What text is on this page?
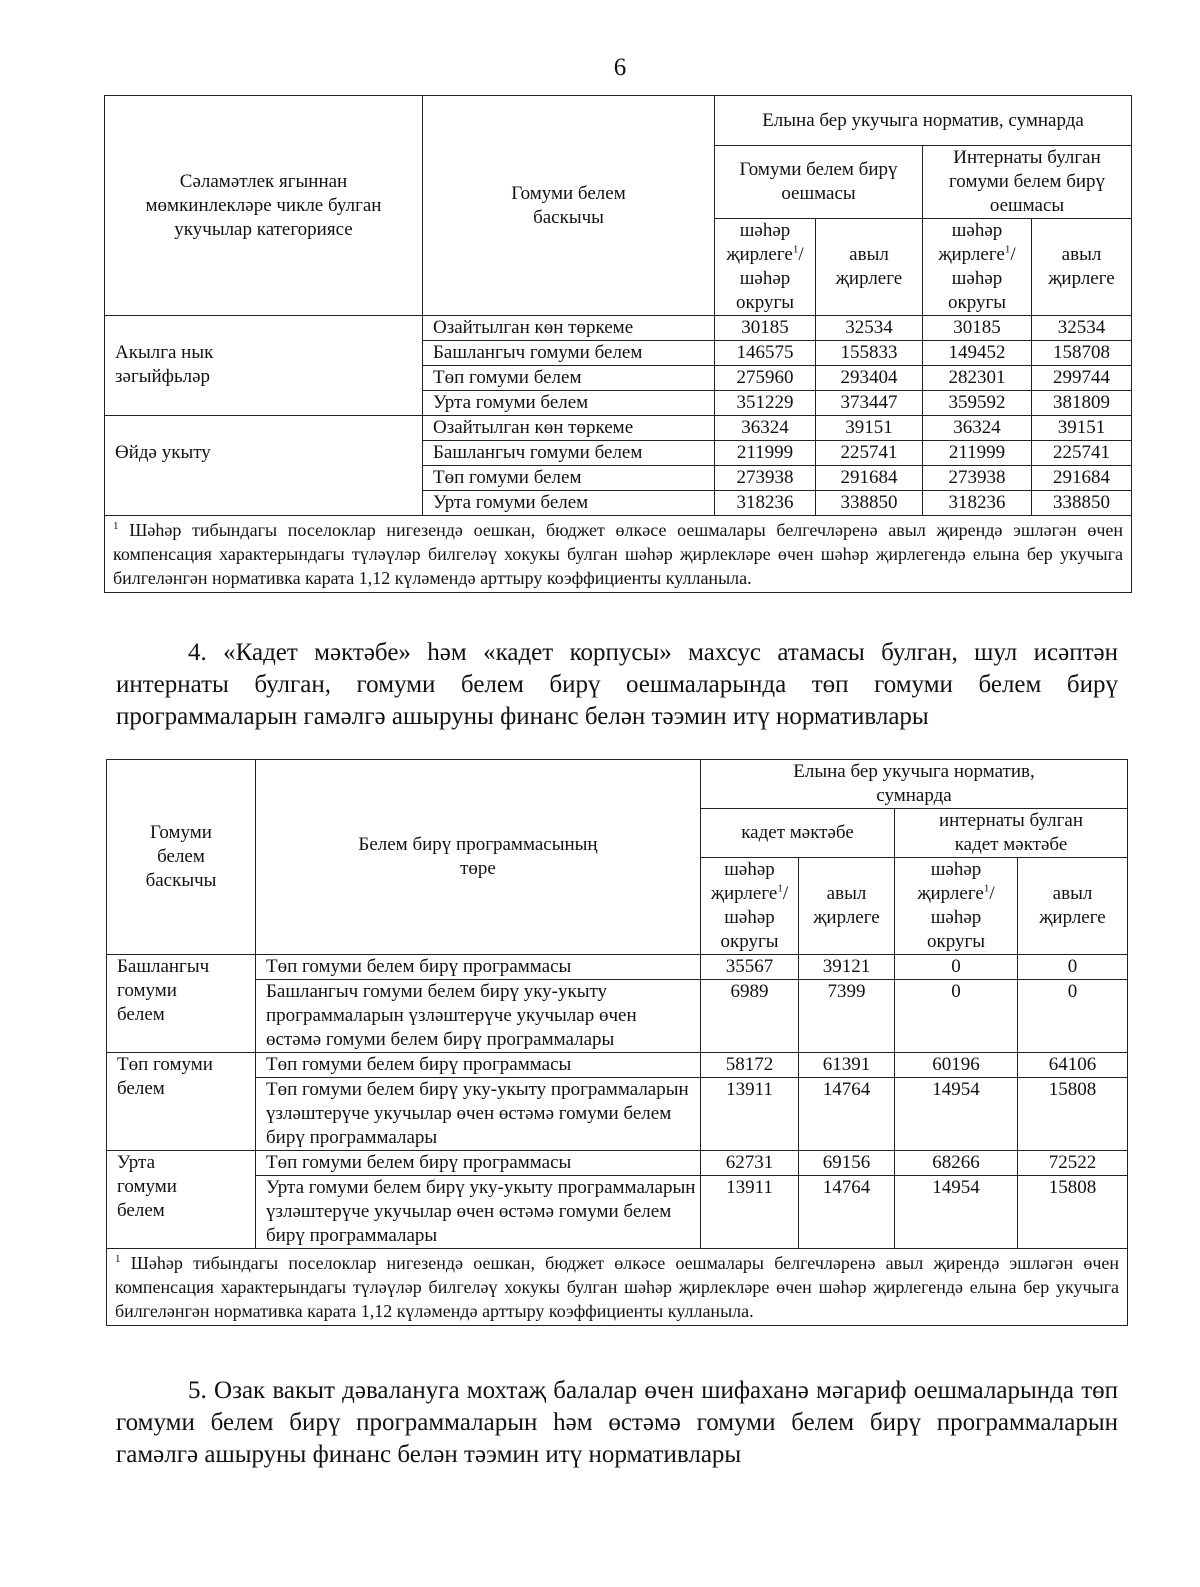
6
Сәламәтлек ягыннан мөмкинлекләре чикле булган укучылар категориясе	Гомуми белем баскычы	Елына бер укучыга норматив, сумнарда			
		Гомуми белем бирү оешмасы		Интернаты булган гомуми белем бирү оешмасы	
		шәһәр җирлеге$^1$/ шәһәр округы	авыл җирлеге	шәһәр җирлеге$^1$/ шәһәр округы	авыл җирлеге
	Озайтылган көн төркеме	30185	32534	30185	32534
Акылга нык зәгыйфьләр	Башлангыч гомуми белем	146575	155833	149452	158708
	Төп гомуми белем	275960	293404	282301	299744
	Урта гомуми белем	351229	373447	359592	381809
	Озайтылган көн төркеме	36324	39151	36324	39151
Өйдә укыту	Башлангыч гомуми белем	211999	225741	211999	225741
	Төп гомуми белем	273938	291684	273938	291684
	Урта гомуми белем	318236	338850	318236	338850
$^1$ Шәһәр тибындагы поселоклар нигезендә оешкан, бюджет өлкәсе оешмалары белгечләренә авыл җирендә эшләгән өчен компенсация характерындагы түләүләр билгеләү хокукы булган шәһәр җирлекләре өчен шәһәр җирлегендә елына бер укучыга билгеләнгән нормативка карата 1,12 күләмендә арттыру коэффициенты кулланыла.					

4. «Кадет мәктәбе» һәм «кадет корпусы» махсус атамасы булган, шул исәптән интернаты булган, гомуми белем бирү оешмаларында төп гомуми белем бирү программаларын гамәлгә ашыруны финанс белән тәэмин итү нормативлары

Гомуми белем баскычы	Белем бирү программасының төре	Елына бер укучыга норматив, сумнарда			
		кадет мәктәбе		интернаты булган кадет мәктәбе	
		шәһәр җирлеге$^1$/ шәһәр округы	авыл җирлеге	шәһәр җирлеге$^1$/ шәһәр округы	авыл җирлеге
Башлангыч гомуми белем	Төп гомуми белем бирү программасы	35567	39121	0	0
	Башлангыч гомуми белем бирү уку-укыту программаларын үзләштерүче укучылар өчен өстәмә гомуми белем бирү программалары	6989	7399	0	0
Төп гомуми белем	Төп гомуми белем бирү программасы	58172	61391	60196	64106
	Төп гомуми белем бирү уку-укыту программаларын үзләштерүче укучылар өчен өстәмә гомуми белем бирү программалары	13911	14764	14954	15808
Урта гомуми белем	Төп гомуми белем бирү программасы	62731	69156	68266	72522
	Урта гомуми белем бирү уку-укыту программаларын үзләштерүче укучылар өчен өстәмә гомуми белем бирү программалары	13911	14764	14954	15808
$^1$ Шәһәр тибындагы поселоклар нигезендә оешкан, бюджет өлкәсе оешмалары белгечләренә авыл җирендә эшләгән өчен компенсация характерындагы түләүләр билгеләү хокукы булган шәһәр җирлекләре өчен шәһәр җирлегендә елына бер укучыга билгеләнгән нормативка карата 1,12 күләмендә арттыру коэффициенты кулланыла.					

5. Озак вакыт дәвалануга мохтаҗ балалар өчен шифаханә мәгариф оешмаларында төп гомуми белем бирү программаларын һәм өстәмә гомуми белем бирү программаларын гамәлгә ашыруны финанс белән тәэмин итү нормативлары
